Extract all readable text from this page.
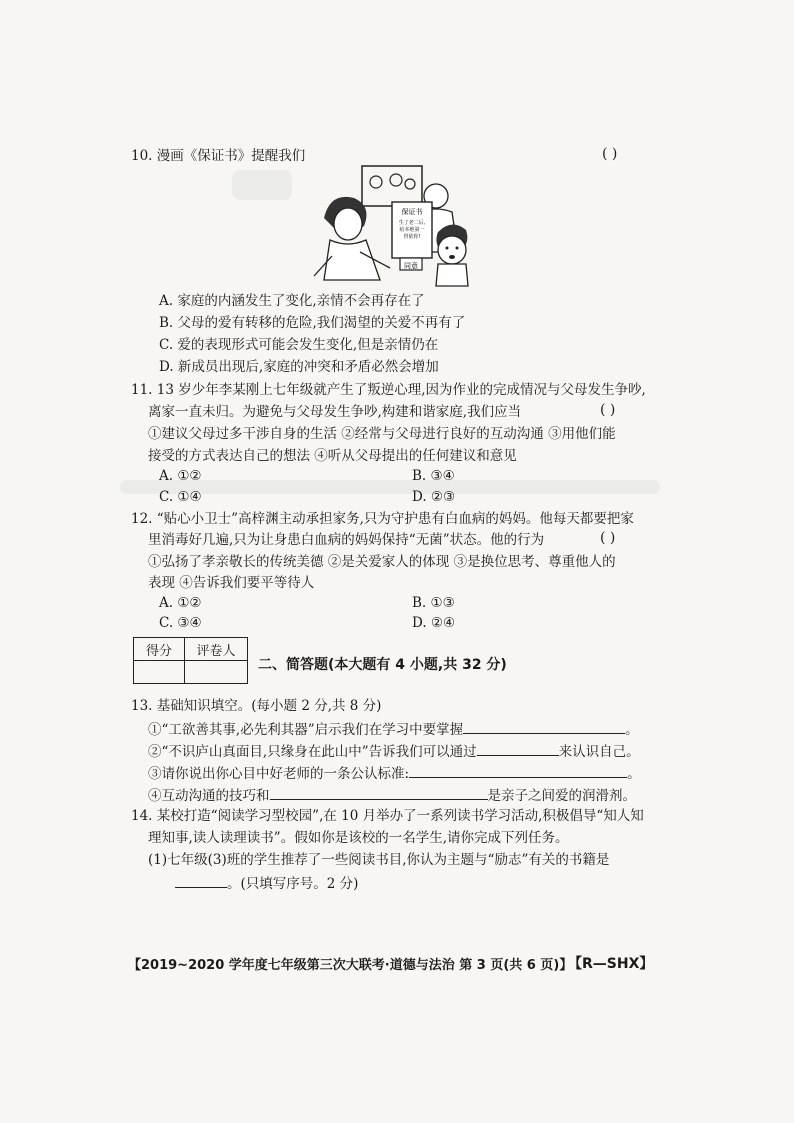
10. 漫画《保证书》提醒我们	( )
保证书
生了老二后,
给本绝第一
胃依你!
同意
A. 家庭的内涵发生了变化,亲情不会再存在了
B. 父母的爱有转移的危险,我们渴望的关爱不再有了
C. 爱的表现形式可能会发生变化,但是亲情仍在
D. 新成员出现后,家庭的冲突和矛盾必然会增加
11. 13 岁少年李某刚上七年级就产生了叛逆心理,因为作业的完成情况与父母发生争吵,
离家一直未归。为避免与父母发生争吵,构建和谐家庭,我们应当	( )
①建议父母过多干涉自身的生活 ②经常与父母进行良好的互动沟通 ③用他们能
接受的方式表达自己的想法 ④听从父母提出的任何建议和意见
A. ①②	B. ③④
C. ①④	D. ②③
12. “贴心小卫士”高梓渊主动承担家务,只为守护患有白血病的妈妈。他每天都要把家
里消毒好几遍,只为让身患白血病的妈妈保持“无菌”状态。他的行为	( )
①弘扬了孝亲敬长的传统美德 ②是关爱家人的体现 ③是换位思考、尊重他人的
表现 ④告诉我们要平等待人
A. ①②	B. ①③
C. ③④	D. ②④
得分	评卷人

二、简答题(本大题有 4 小题,共 32 分)
13. 基础知识填空。(每小题 2 分,共 8 分)
①“工欲善其事,必先利其器”启示我们在学习中要掌握	。
②“不识庐山真面目,只缘身在此山中”告诉我们可以通过	来认识自己。
③请你说出你心目中好老师的一条公认标准:	。
④互动沟通的技巧和	是亲子之间爱的润滑剂。
14. 某校打造“阅读学习型校园”,在 10 月举办了一系列读书学习活动,积极倡导“知人知
理知事,读人读理读书”。假如你是该校的一名学生,请你完成下列任务。
(1)七年级(3)班的学生推荐了一些阅读书目,你认为主题与“励志”有关的书籍是
。(只填写序号。2 分)
【2019~2020 学年度七年级第三次大联考·道德与法治 第 3 页(共 6 页)】
【R—SHX】
